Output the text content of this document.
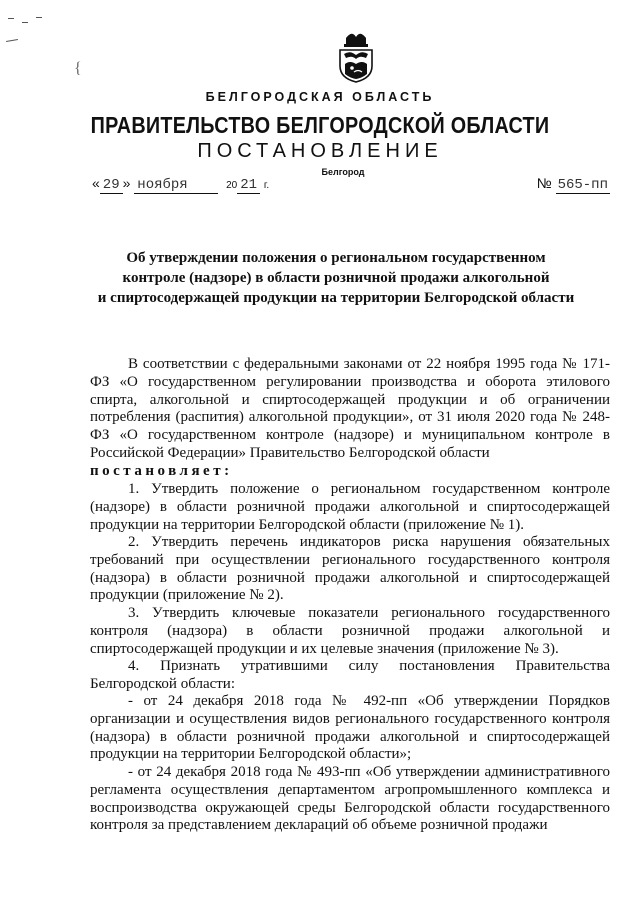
{
БЕЛГОРОДСКАЯ ОБЛАСТЬ
ПРАВИТЕЛЬСТВО БЕЛГОРОДСКОЙ ОБЛАСТИ
ПОСТАНОВЛЕНИЕ
Белгород
« 29 » ноября	20 21 г.	№ 565-пп
Об утверждении положения о региональном государственном
контроле (надзоре) в области розничной продажи алкогольной
и спиртосодержащей продукции на территории Белгородской области
В соответствии с федеральными законами от 22 ноября 1995 года № 171-ФЗ «О государственном регулировании производства и оборота этилового спирта, алкогольной и спиртосодержащей продукции и об ограничении потребления (распития) алкогольной продукции», от 31 июля 2020 года № 248-ФЗ «О государственном контроле (надзоре) и муниципальном контроле в Российской Федерации» Правительство Белгородской области
постановляет:
1. Утвердить положение о региональном государственном контроле (надзоре) в области розничной продажи алкогольной и спиртосодержащей продукции на территории Белгородской области (приложение № 1).
2. Утвердить перечень индикаторов риска нарушения обязательных требований при осуществлении регионального государственного контроля (надзора) в области розничной продажи алкогольной и спиртосодержащей продукции (приложение № 2).
3. Утвердить ключевые показатели регионального государственного контроля (надзора) в области розничной продажи алкогольной и спиртосодержащей продукции и их целевые значения (приложение № 3).
4. Признать утратившими силу постановления Правительства Белгородской области:
- от 24 декабря 2018 года № 492-пп «Об утверждении Порядков организации и осуществления видов регионального государственного контроля (надзора) в области розничной продажи алкогольной и спиртосодержащей продукции на территории Белгородской области»;
- от 24 декабря 2018 года № 493-пп «Об утверждении административного регламента осуществления департаментом агропромышленного комплекса и воспроизводства окружающей среды Белгородской области государственного контроля за представлением деклараций об объеме розничной продажи
